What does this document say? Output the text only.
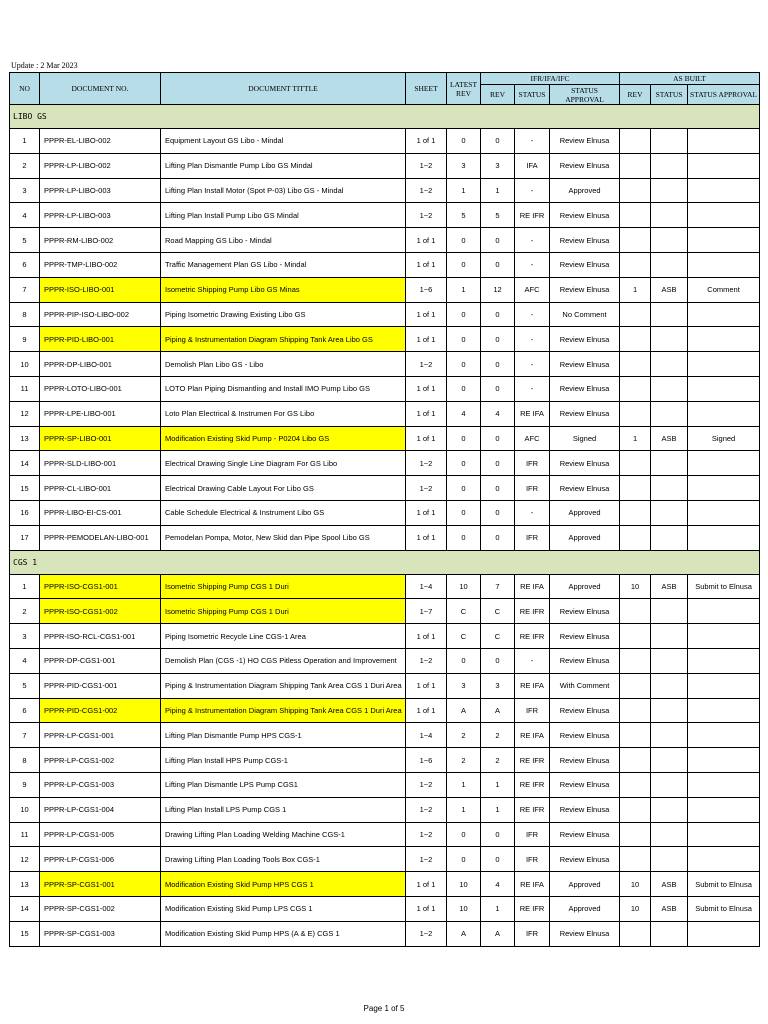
Update : 2 Mar 2023
NO	DOCUMENT NO.	DOCUMENT TITTLE	SHEET	LATEST REV	IFR/IFA/IFC			AS BUILT		
					REV	STATUS	STATUS APPROVAL	REV	STATUS	STATUS APPROVAL
LIBO GS										
1	PPPR-EL-LIBO-002	Equipment Layout GS Libo - Mindal	1 of 1	0	0	-	Review Elnusa			
2	PPPR-LP-LIBO-002	Lifting Plan Dismantle Pump Libo GS Mindal	1~2	3	3	IFA	Review Elnusa			
3	PPPR-LP-LIBO-003	Lifting Plan Install Motor (Spot P-03) Libo GS - Mindal	1~2	1	1	-	Approved			
4	PPPR-LP-LIBO-003	Lifting Plan Install Pump Libo GS Mindal	1~2	5	5	RE IFR	Review Elnusa			
5	PPPR-RM-LIBO-002	Road Mapping GS Libo - Mindal	1 of 1	0	0	-	Review Elnusa			
6	PPPR-TMP-LIBO-002	Traffic Management Plan GS Libo - Mindal	1 of 1	0	0	-	Review Elnusa			
7	PPPR-ISO-LIBO-001	Isometric Shipping Pump Libo GS Minas	1~6	1	12	AFC	Review Elnusa	1	ASB	Comment
8	PPPR-PIP-ISO-LIBO-002	Piping Isometric Drawing Existing Libo GS	1 of 1	0	0	-	No Comment			
9	PPPR-PID-LIBO-001	Piping & Instrumentation Diagram Shipping Tank Area Libo GS	1 of 1	0	0	-	Review Elnusa			
10	PPPR-DP-LIBO-001	Demolish Plan Libo GS - Libo	1~2	0	0	-	Review Elnusa			
11	PPPR-LOTO-LIBO-001	LOTO Plan Piping Dismantling and Install IMO Pump Libo GS	1 of 1	0	0	-	Review Elnusa			
12	PPPR-LPE-LIBO-001	Loto Plan Electrical & Instrumen For GS Libo	1 of 1	4	4	RE IFA	Review Elnusa			
13	PPPR-SP-LIBO-001	Modification Existing Skid Pump - P0204 Libo GS	1 of 1	0	0	AFC	Signed	1	ASB	Signed
14	PPPR-SLD-LIBO-001	Electrical Drawing Single Line Diagram For GS Libo	1~2	0	0	IFR	Review Elnusa			
15	PPPR-CL-LIBO-001	Electrical Drawing Cable Layout For Libo GS	1~2	0	0	IFR	Review Elnusa			
16	PPPR-LIBO-EI-CS-001	Cable Schedule Electrical & Instrument Libo GS	1 of 1	0	0	-	Approved			
17	PPPR-PEMODELAN-LIBO-001	Pemodelan Pompa, Motor, New Skid dan Pipe Spool Libo GS	1 of 1	0	0	IFR	Approved			
CGS 1										
1	PPPR-ISO-CGS1-001	Isometric Shipping Pump CGS 1 Duri	1~4	10	7	RE IFA	Approved	10	ASB	Submit to Elnusa
2	PPPR-ISO-CGS1-002	Isometric Shipping Pump CGS 1 Duri	1~7	C	C	RE IFR	Review Elnusa			
3	PPPR-ISO-RCL-CGS1-001	Piping Isometric Recycle Line CGS-1 Area	1 of 1	C	C	RE IFR	Review Elnusa			
4	PPPR-DP-CGS1-001	Demolish Plan (CGS -1) HO CGS Pitless Operation and Improvement	1~2	0	0	-	Review Elnusa			
5	PPPR-PID-CGS1-001	Piping & Instrumentation Diagram Shipping Tank Area CGS 1 Duri Area	1 of 1	3	3	RE IFA	With Comment			
6	PPPR-PID-CGS1-002	Piping & Instrumentation Diagram Shipping Tank Area CGS 1 Duri Area	1 of 1	A	A	IFR	Review Elnusa			
7	PPPR-LP-CGS1-001	Lifting Plan Dismantle Pump HPS CGS-1	1~4	2	2	RE IFA	Review Elnusa			
8	PPPR-LP-CGS1-002	Lifting Plan Install HPS Pump CGS-1	1~6	2	2	RE IFR	Review Elnusa			
9	PPPR-LP-CGS1-003	Lifting Plan Dismantle LPS Pump CGS1	1~2	1	1	RE IFR	Review Elnusa			
10	PPPR-LP-CGS1-004	Lifting Plan Install LPS Pump CGS 1	1~2	1	1	RE IFR	Review Elnusa			
11	PPPR-LP-CGS1-005	Drawing Lifting Plan Loading Welding Machine CGS-1	1~2	0	0	IFR	Review Elnusa			
12	PPPR-LP-CGS1-006	Drawing Lifting Plan Loading Tools Box CGS-1	1~2	0	0	IFR	Review Elnusa			
13	PPPR-SP-CGS1-001	Modification Existing Skid Pump HPS CGS 1	1 of 1	10	4	RE IFA	Approved	10	ASB	Submit to Elnusa
14	PPPR-SP-CGS1-002	Modification Existing Skid Pump LPS CGS 1	1 of 1	10	1	RE IFR	Approved	10	ASB	Submit to Elnusa
15	PPPR-SP-CGS1-003	Modification Existing Skid Pump HPS (A & E) CGS 1	1~2	A	A	IFR	Review Elnusa			
Page 1 of 5
